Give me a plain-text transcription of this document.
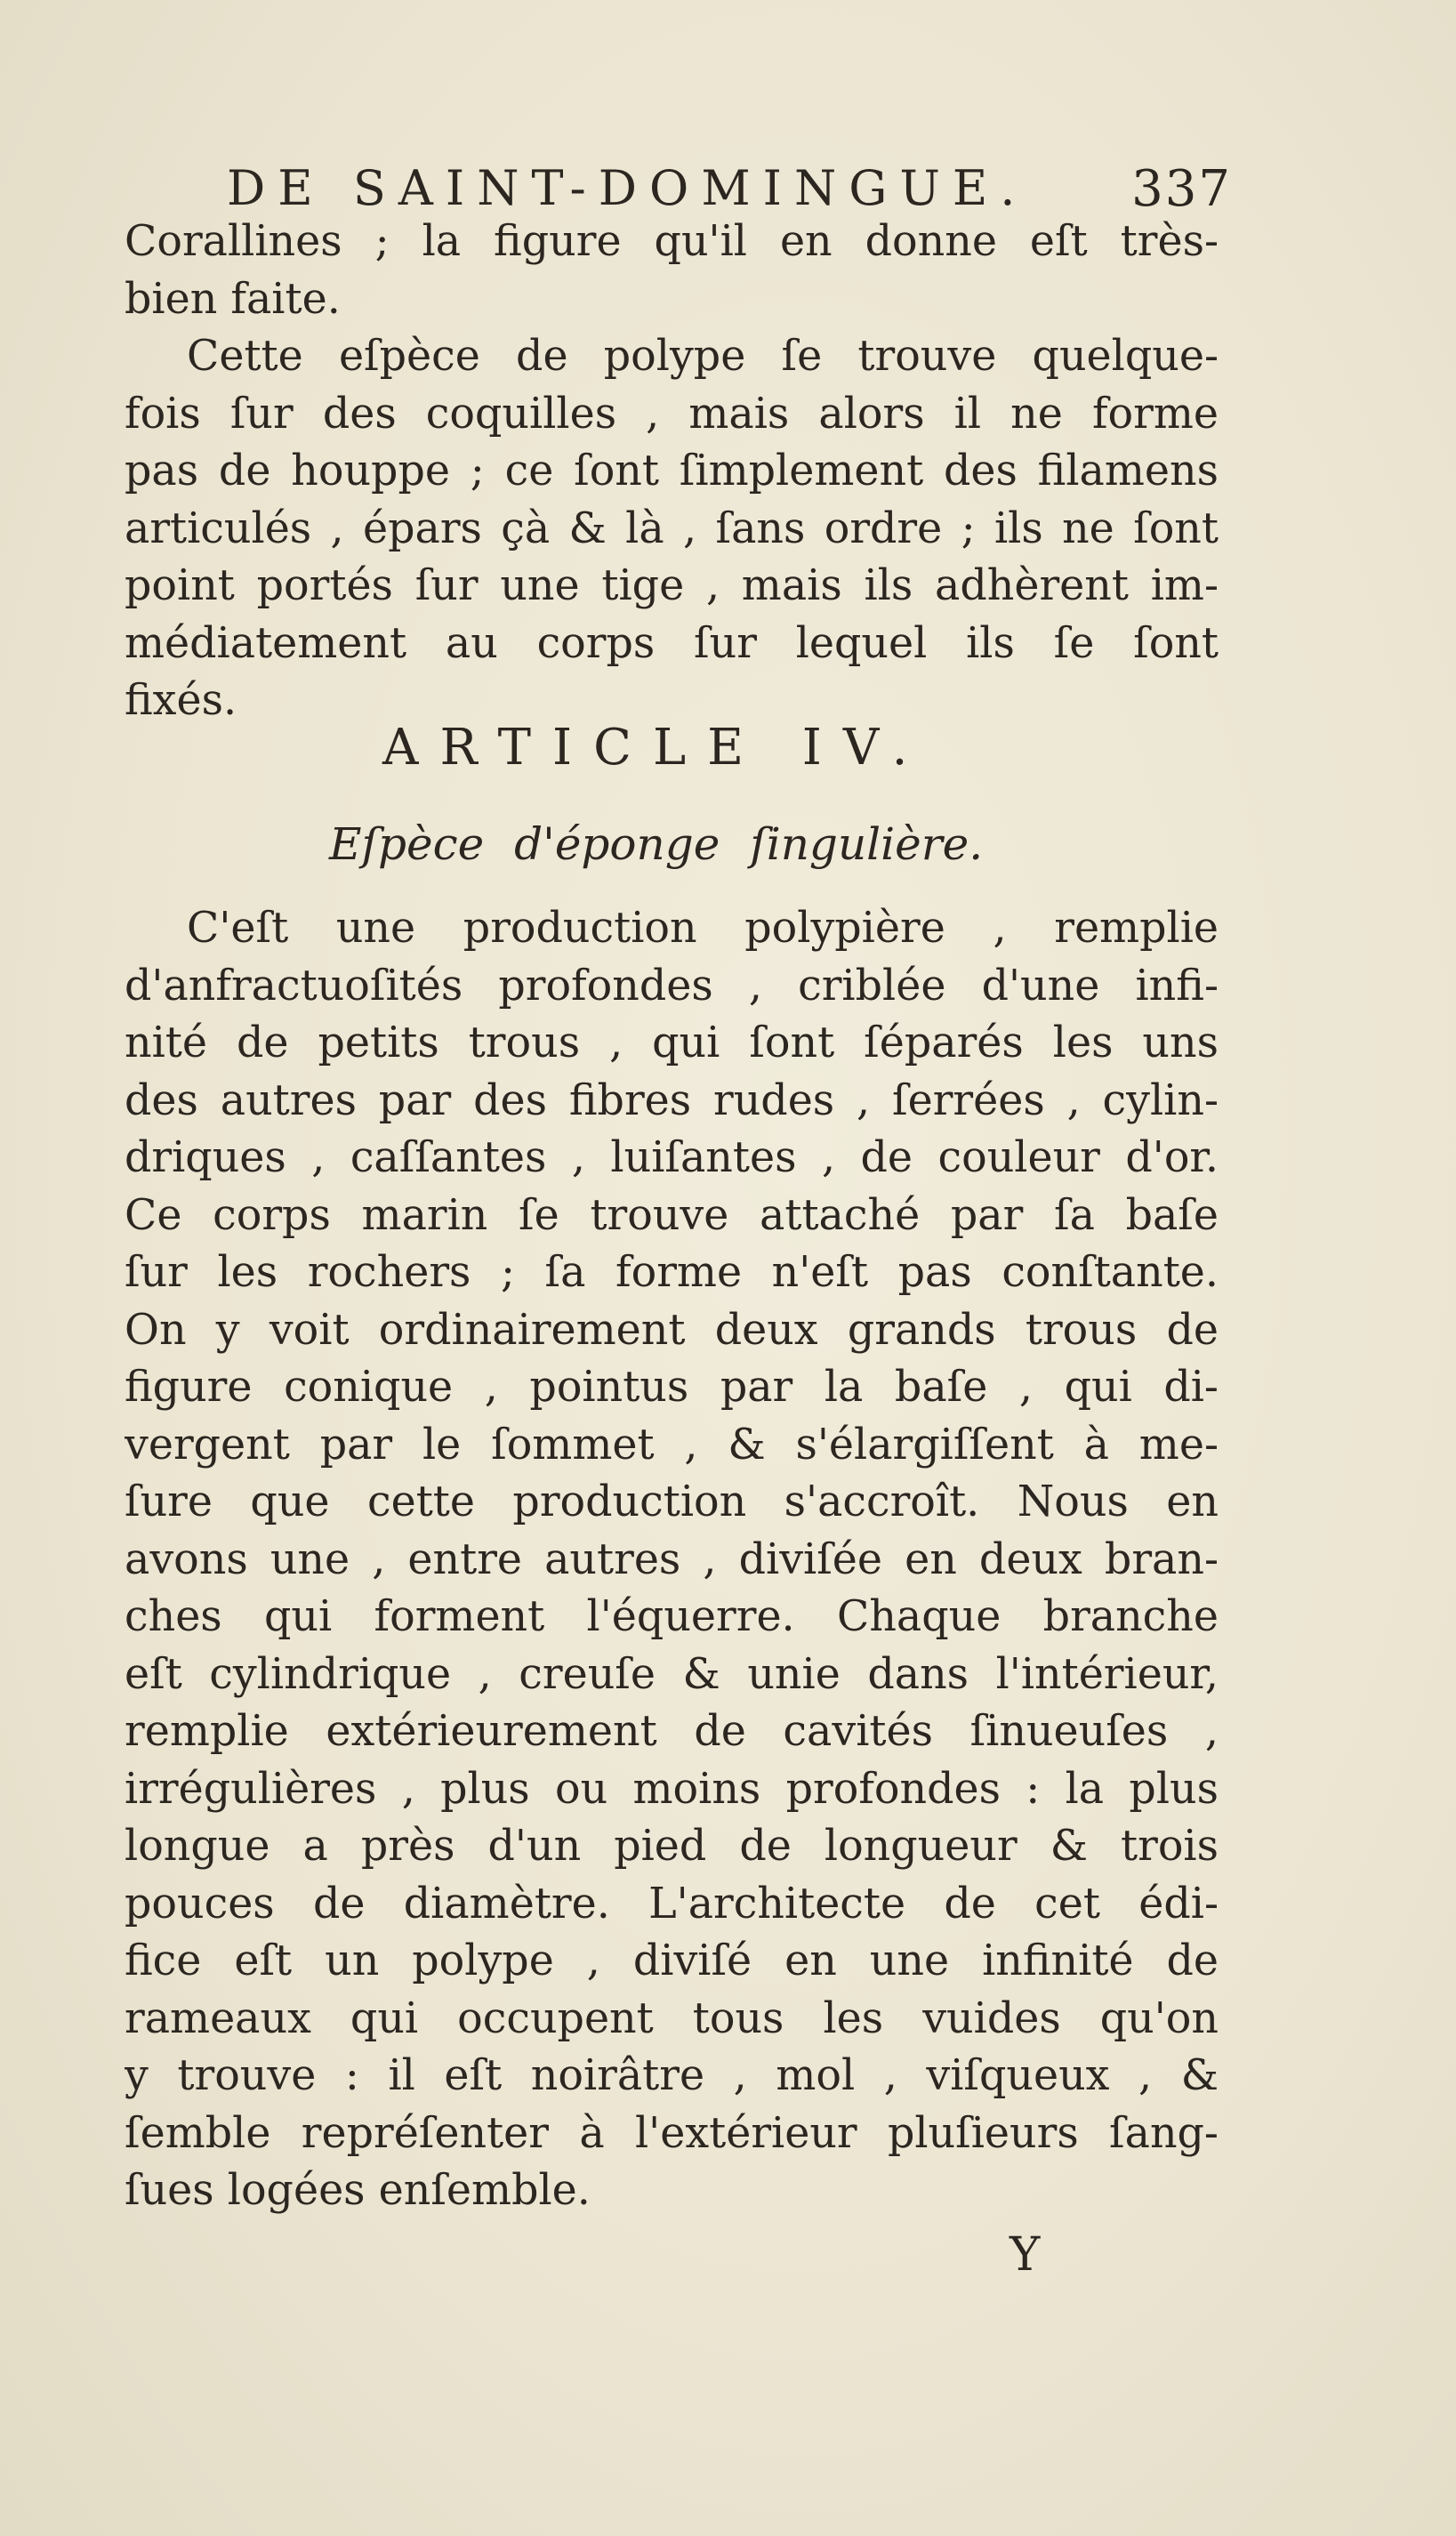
DE SAINT-DOMINGUE. 337
Corallines ; la figure qu'il en donne eſt très-
bien faite.
Cette eſpèce de polype ſe trouve quelque-
fois ſur des coquilles , mais alors il ne forme
pas de houppe ; ce ſont ſimplement des filamens
articulés , épars çà & là , ſans ordre ; ils ne ſont
point portés ſur une tige , mais ils adhèrent im-
médiatement au corps ſur lequel ils ſe ſont
fixés.
ARTICLE IV.
Eſpèce d'éponge ſingulière.
C'eſt une production polypière , remplie
d'anfractuoſités profondes , criblée d'une infi-
nité de petits trous , qui ſont ſéparés les uns
des autres par des fibres rudes , ſerrées , cylin-
driques , caſſantes , luiſantes , de couleur d'or.
Ce corps marin ſe trouve attaché par ſa baſe
ſur les rochers ; ſa forme n'eſt pas conſtante.
On y voit ordinairement deux grands trous de
figure conique , pointus par la baſe , qui di-
vergent par le ſommet , & s'élargiſſent à me-
ſure que cette production s'accroît. Nous en
avons une , entre autres , diviſée en deux bran-
ches qui forment l'équerre. Chaque branche
eſt cylindrique , creuſe & unie dans l'intérieur,
remplie extérieurement de cavités ſinueuſes ,
irrégulières , plus ou moins profondes : la plus
longue a près d'un pied de longueur & trois
pouces de diamètre. L'architecte de cet édi-
fice eſt un polype , diviſé en une infinité de
rameaux qui occupent tous les vuides qu'on
y trouve : il eſt noirâtre , mol , viſqueux , &
ſemble repréſenter à l'extérieur pluſieurs ſang-
ſues logées enſemble.
Y
